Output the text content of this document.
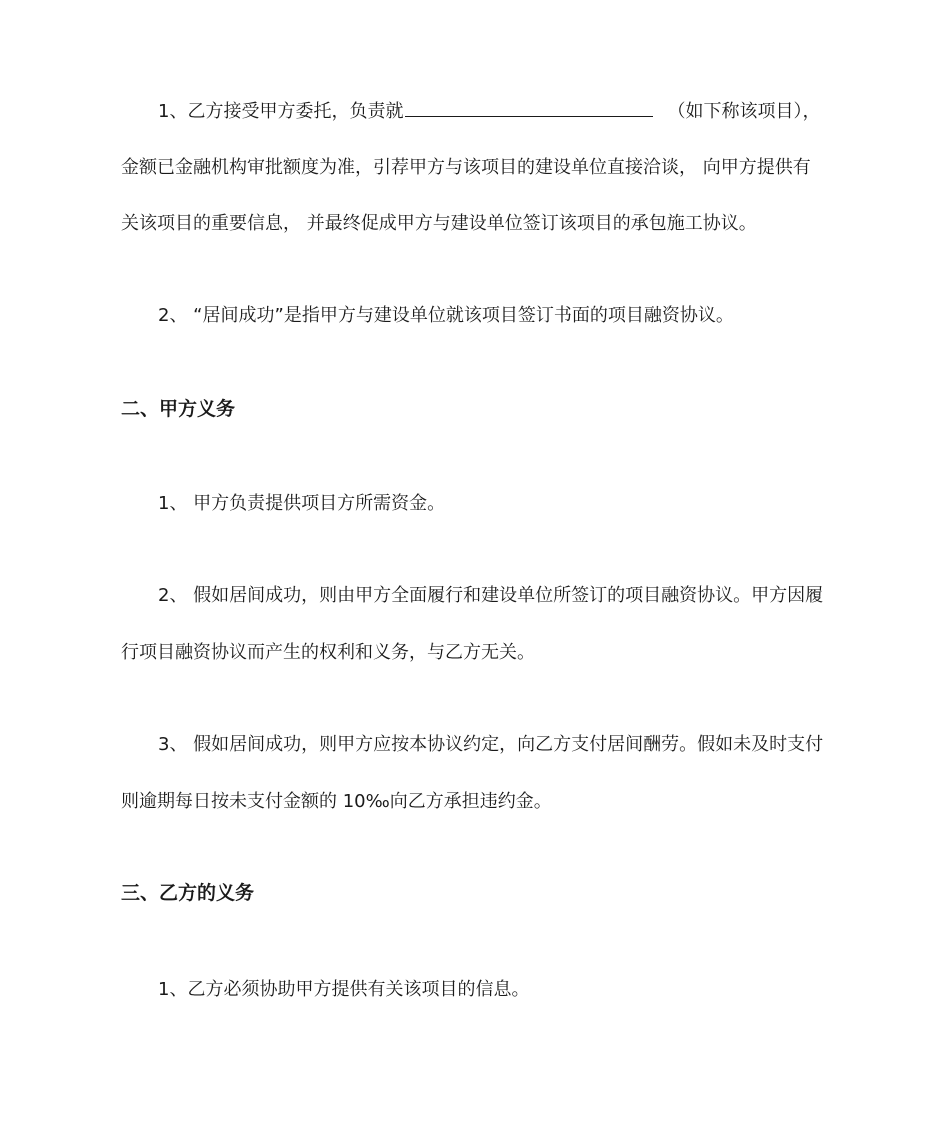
1、乙方接受甲方委托，负责就	（如下称该项目），
金额已金融机构审批额度为准，引荐甲方与该项目的建设单位直接洽谈， 向甲方提供有
关该项目的重要信息， 并最终促成甲方与建设单位签订该项目的承包施工协议。
2、 “居间成功”是指甲方与建设单位就该项目签订书面的项目融资协议。
二、甲方义务
1、 甲方负责提供项目方所需资金。
2、 假如居间成功，则由甲方全面履行和建设单位所签订的项目融资协议。甲方因履
行项目融资协议而产生的权利和义务，与乙方无关。
3、 假如居间成功，则甲方应按本协议约定，向乙方支付居间酬劳。假如未及时支付
则逾期每日按未支付金额的 10‰向乙方承担违约金。
三、乙方的义务
1、乙方必须协助甲方提供有关该项目的信息。
